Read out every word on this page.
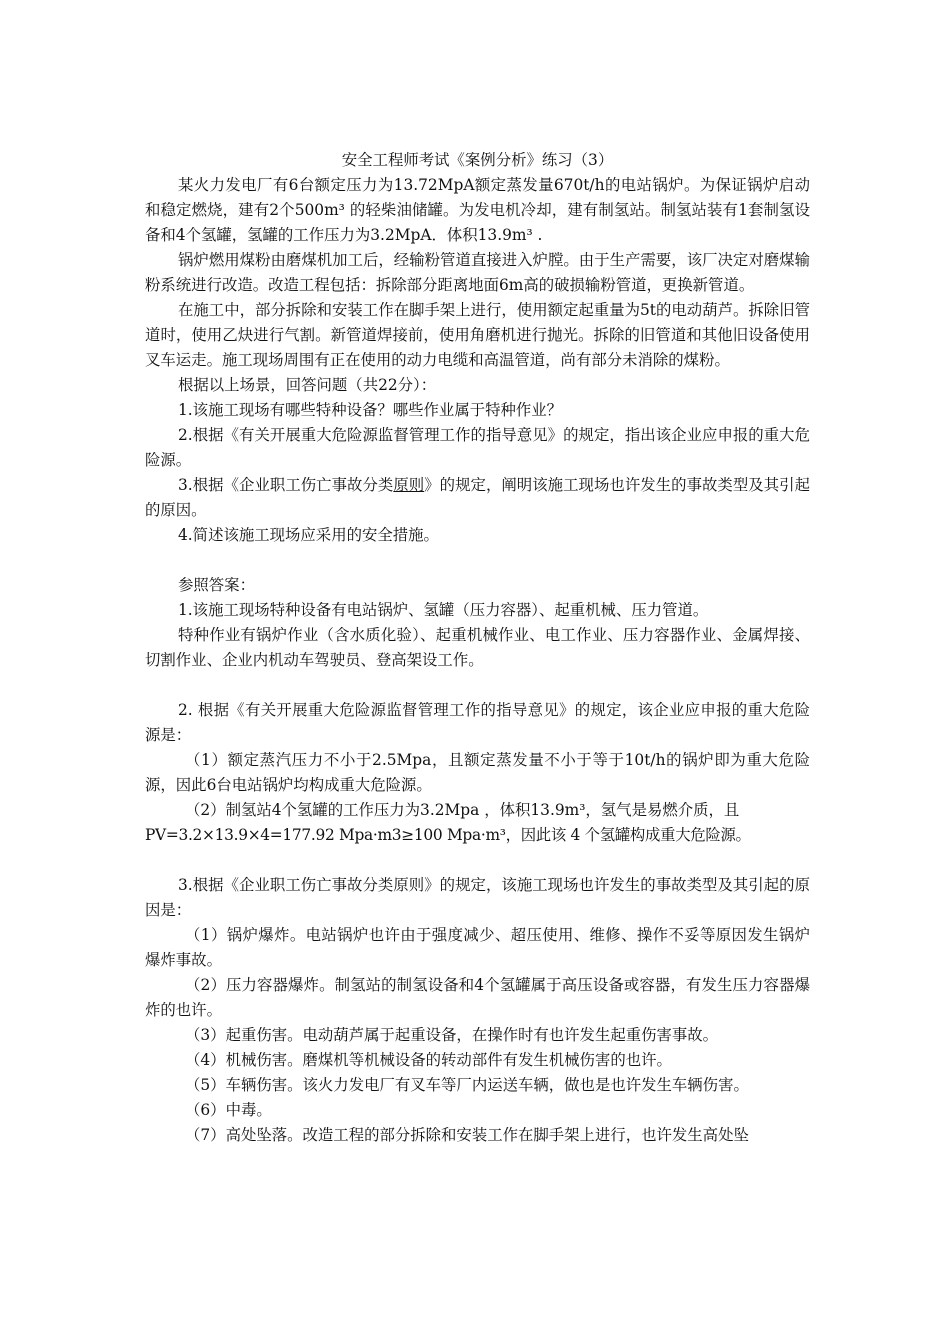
安全工程师考试《案例分析》练习（3）

某火力发电厂有6台额定压力为13.72MpA额定蒸发量670t/h的电站锅炉。为保证锅炉启动和稳定燃烧，建有2个500m³ 的轻柴油储罐。为发电机冷却，建有制氢站。制氢站装有1套制氢设备和4个氢罐，氢罐的工作压力为3.2MpA．体积13.9m³ .

锅炉燃用煤粉由磨煤机加工后，经输粉管道直接进入炉膛。由于生产需要，该厂决定对磨煤输粉系统进行改造。改造工程包括：拆除部分距离地面6m高的破损输粉管道，更换新管道。

在施工中，部分拆除和安装工作在脚手架上进行，使用额定起重量为5t的电动葫芦。拆除旧管道时，使用乙炔进行气割。新管道焊接前，使用角磨机进行抛光。拆除的旧管道和其他旧设备使用叉车运走。施工现场周围有正在使用的动力电缆和高温管道，尚有部分未消除的煤粉。

根据以上场景，回答问题（共22分）：

1.该施工现场有哪些特种设备？哪些作业属于特种作业？

2.根据《有关开展重大危险源监督管理工作的指导意见》的规定，指出该企业应申报的重大危险源。

3.根据《企业职工伤亡事故分类原则》的规定，阐明该施工现场也许发生的事故类型及其引起的原因。

4.简述该施工现场应采用的安全措施。

参照答案：

1.该施工现场特种设备有电站锅炉、氢罐（压力容器）、起重机械、压力管道。

特种作业有锅炉作业（含水质化验）、起重机械作业、电工作业、压力容器作业、金属焊接、切割作业、企业内机动车驾驶员、登高架设工作。

2. 根据《有关开展重大危险源监督管理工作的指导意见》的规定，该企业应申报的重大危险源是：

（1）额定蒸汽压力不小于2.5Mpa，且额定蒸发量不小于等于10t/h的锅炉即为重大危险源，因此6台电站锅炉均构成重大危险源。

（2）制氢站4个氢罐的工作压力为3.2Mpa ，体积13.9m³，氢气是易燃介质，且

PV=3.2×13.9×4=177.92 Mpa·m3≥100 Mpa·m³，因此该 4 个氢罐构成重大危险源。

3.根据《企业职工伤亡事故分类原则》的规定，该施工现场也许发生的事故类型及其引起的原因是：

（1）锅炉爆炸。电站锅炉也许由于强度减少、超压使用、维修、操作不妥等原因发生锅炉爆炸事故。

（2）压力容器爆炸。制氢站的制氢设备和4个氢罐属于高压设备或容器，有发生压力容器爆炸的也许。

（3）起重伤害。电动葫芦属于起重设备，在操作时有也许发生起重伤害事故。

（4）机械伤害。磨煤机等机械设备的转动部件有发生机械伤害的也许。

（5）车辆伤害。该火力发电厂有叉车等厂内运送车辆，做也是也许发生车辆伤害。

（6）中毒。

（7）高处坠落。改造工程的部分拆除和安装工作在脚手架上进行，也许发生高处坠
